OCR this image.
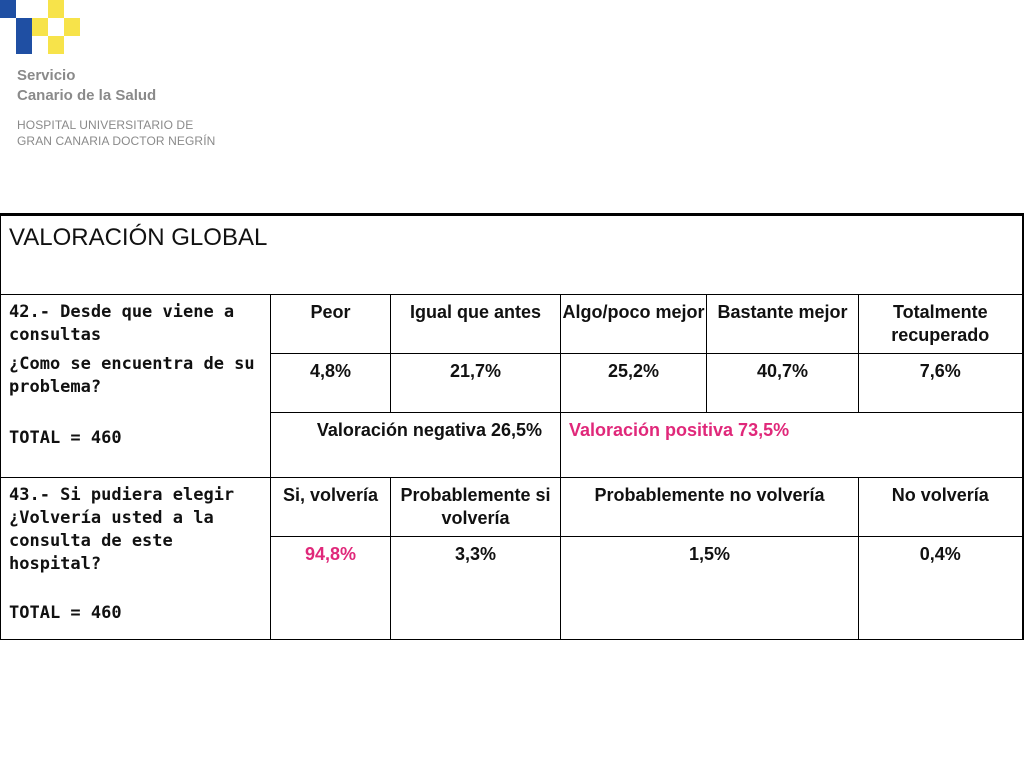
Servicio
Canario de la Salud
HOSPITAL UNIVERSITARIO DE
GRAN CANARIA DOCTOR NEGRÍN
VALORACIÓN GLOBAL					

42.- Desde que viene a consultas
¿Como se encuentra de su problema?
TOTAL = 460	Peor	Igual que antes	Algo/poco mejor	Bastante mejor	Totalmente recuperado
	4,8%	21,7%	25,2%	40,7%	7,6%
	Valoración negativa 26,5%		Valoración positiva 73,5%		

43.- Si pudiera elegir ¿Volvería usted a la consulta de este hospital?
TOTAL = 460	Si, volvería	Probablemente si volvería	Probablemente no volvería		No volvería
	94,8%	3,3%	1,5%		0,4%
